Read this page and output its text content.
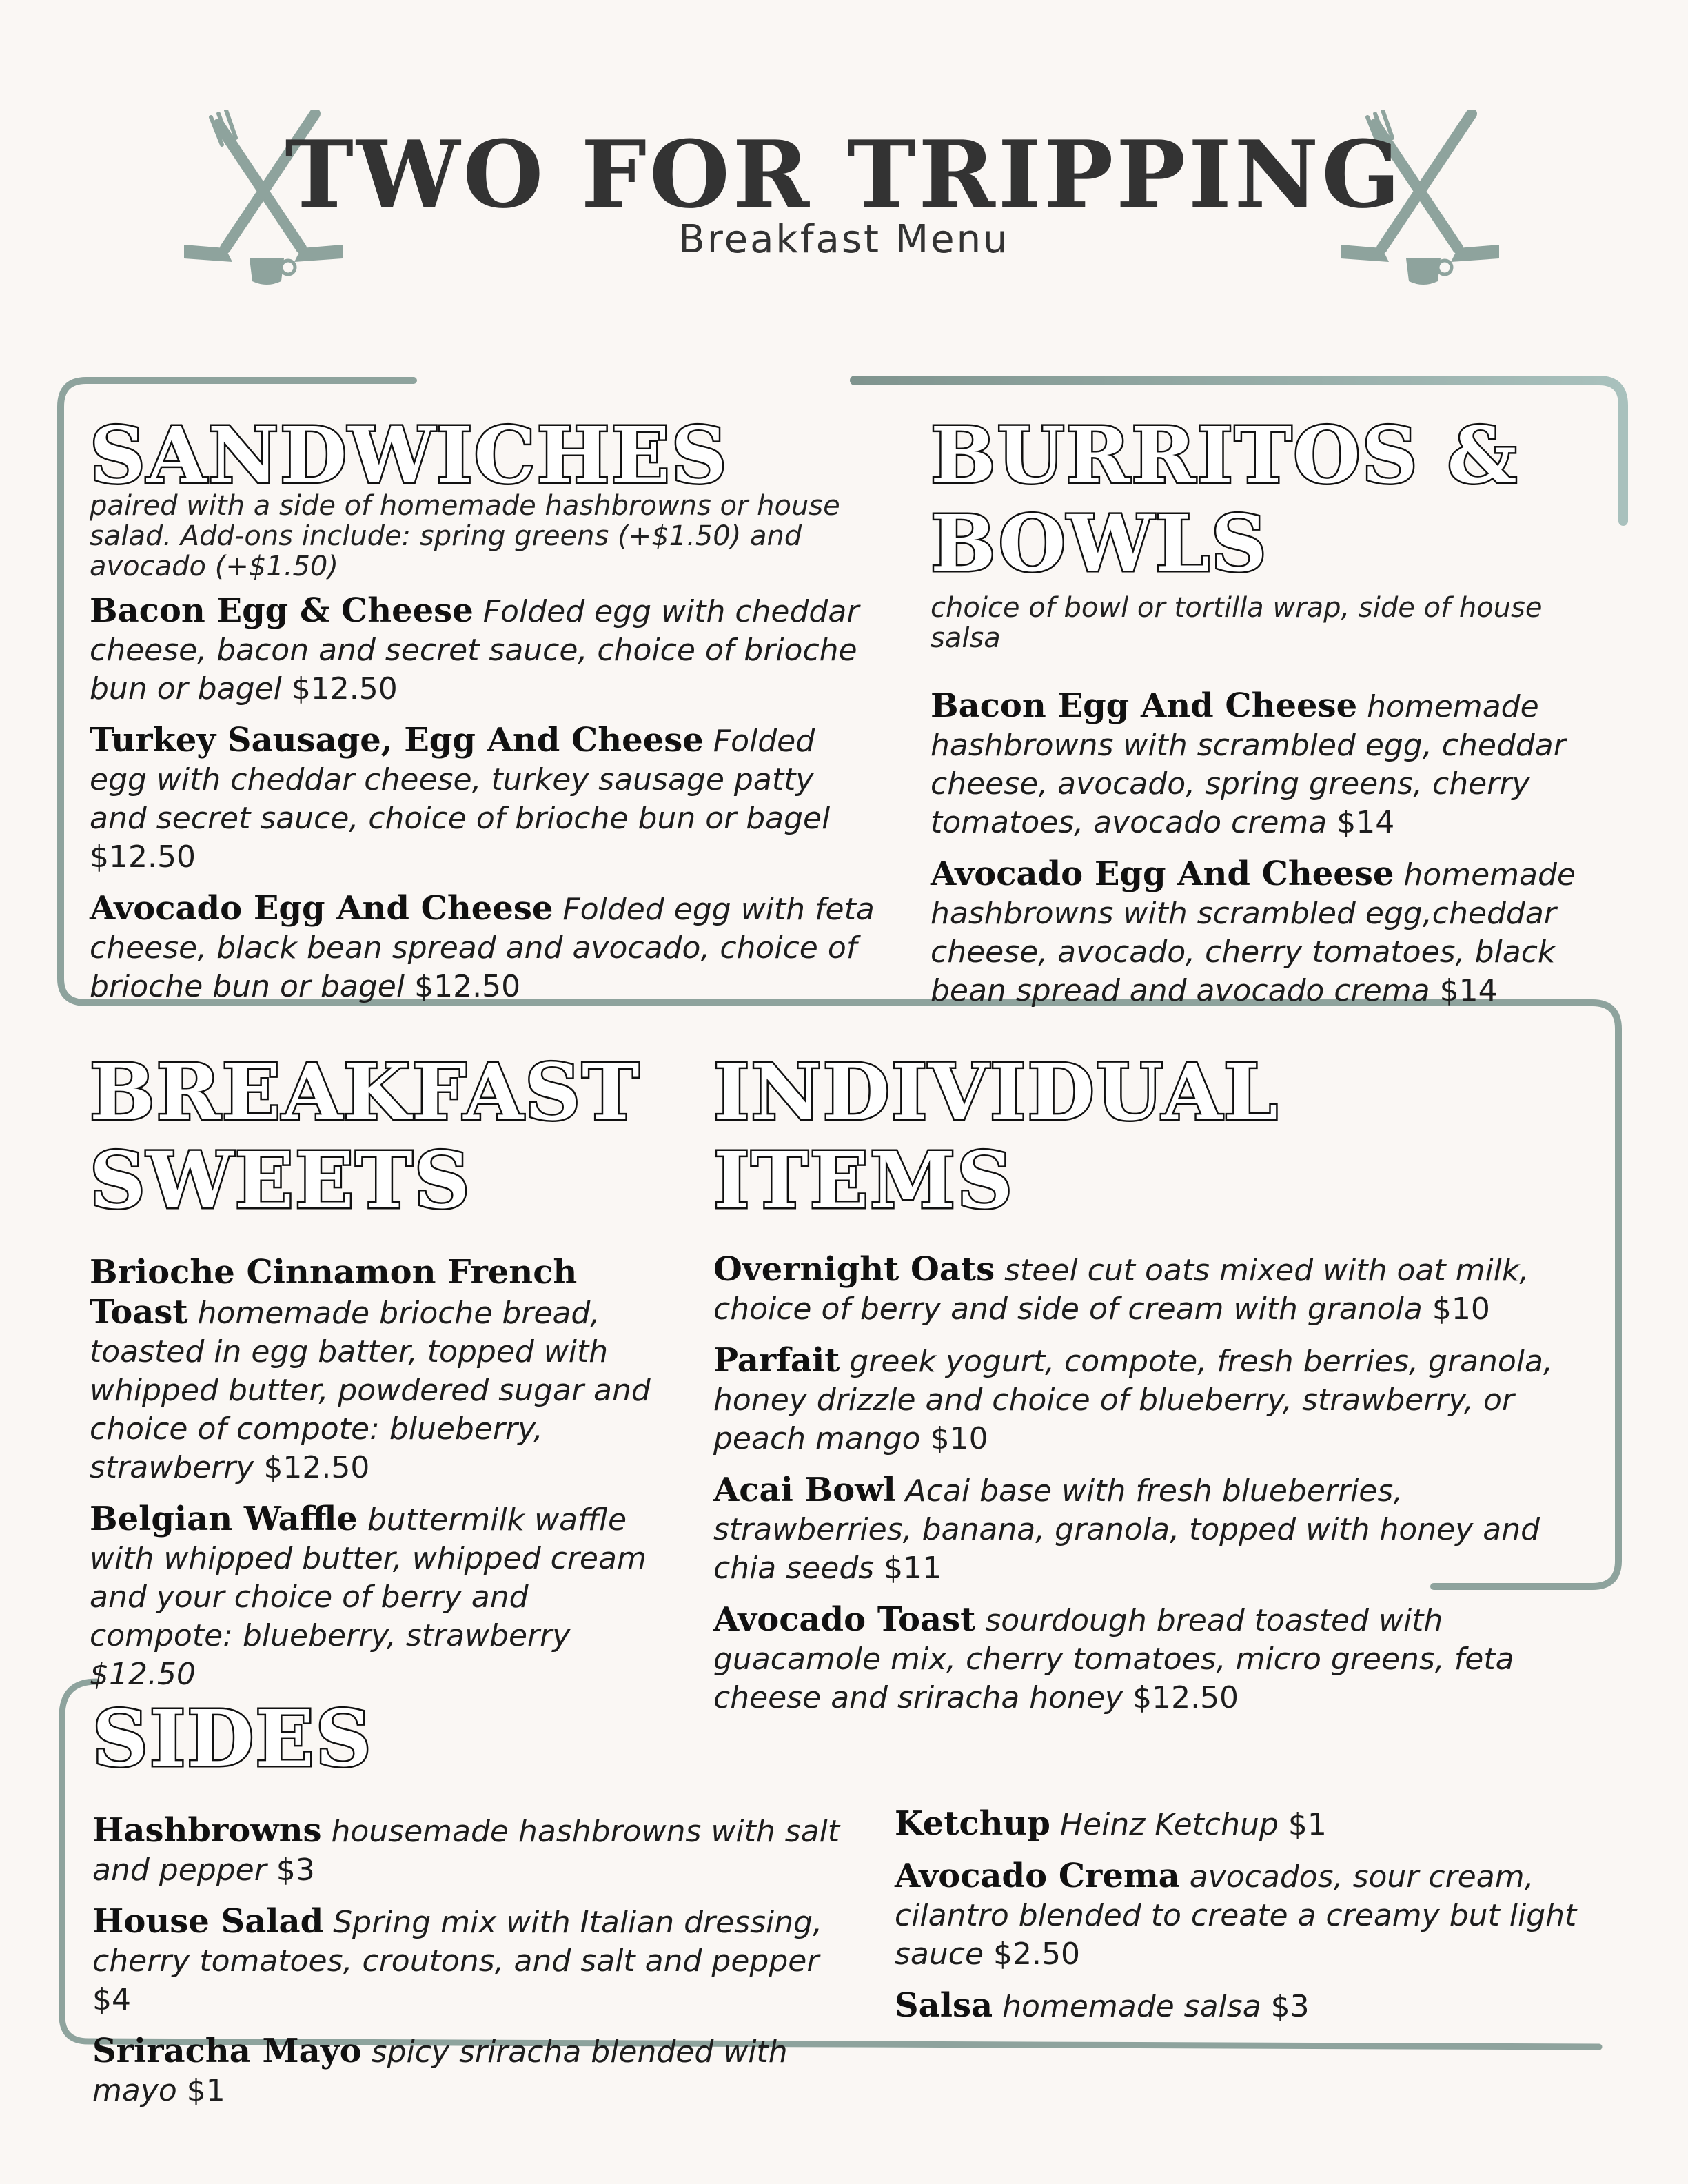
TWO FOR TRIPPING
Breakfast Menu
SANDWICHES
paired with a side of homemade hashbrowns or house salad. Add-ons include: spring greens (+$1.50) and avocado (+$1.50)
Bacon Egg & Cheese Folded egg with cheddar cheese, bacon and secret sauce, choice of brioche bun or bagel $12.50
Turkey Sausage, Egg And Cheese Folded egg with cheddar cheese, turkey sausage patty and secret sauce, choice of brioche bun or bagel $12.50
Avocado Egg And Cheese Folded egg with feta cheese, black bean spread and avocado, choice of brioche bun or bagel $12.50
BURRITOS &
BOWLS
choice of bowl or tortilla wrap, side of house salsa
Bacon Egg And Cheese homemade hashbrowns with scrambled egg, cheddar cheese, avocado, spring greens, cherry tomatoes, avocado crema $14
Avocado Egg And Cheese homemade hashbrowns with scrambled egg,cheddar cheese, avocado, cherry tomatoes, black bean spread and avocado crema $14
BREAKFAST
SWEETS
Brioche Cinnamon French Toast homemade brioche bread, toasted in egg batter, topped with whipped butter, powdered sugar and choice of compote: blueberry, strawberry $12.50
Belgian Waffle buttermilk waffle with whipped butter, whipped cream and your choice of berry and compote: blueberry, strawberry $12.50
INDIVIDUAL ITEMS
Overnight Oats steel cut oats mixed with oat milk, choice of berry and side of cream with granola $10
Parfait greek yogurt, compote, fresh berries, granola, honey drizzle and choice of blueberry, strawberry, or peach mango $10
Acai Bowl Acai base with fresh blueberries, strawberries, banana, granola, topped with honey and chia seeds $11
Avocado Toast sourdough bread toasted with guacamole mix, cherry tomatoes, micro greens, feta cheese and sriracha honey $12.50
SIDES
Hashbrowns housemade hashbrowns with salt and pepper $3
House Salad Spring mix with Italian dressing, cherry tomatoes, croutons, and salt and pepper $4
Sriracha Mayo spicy sriracha blended with mayo $1
Ketchup Heinz Ketchup $1
Avocado Crema avocados, sour cream, cilantro blended to create a creamy but light sauce $2.50
Salsa homemade salsa $3
